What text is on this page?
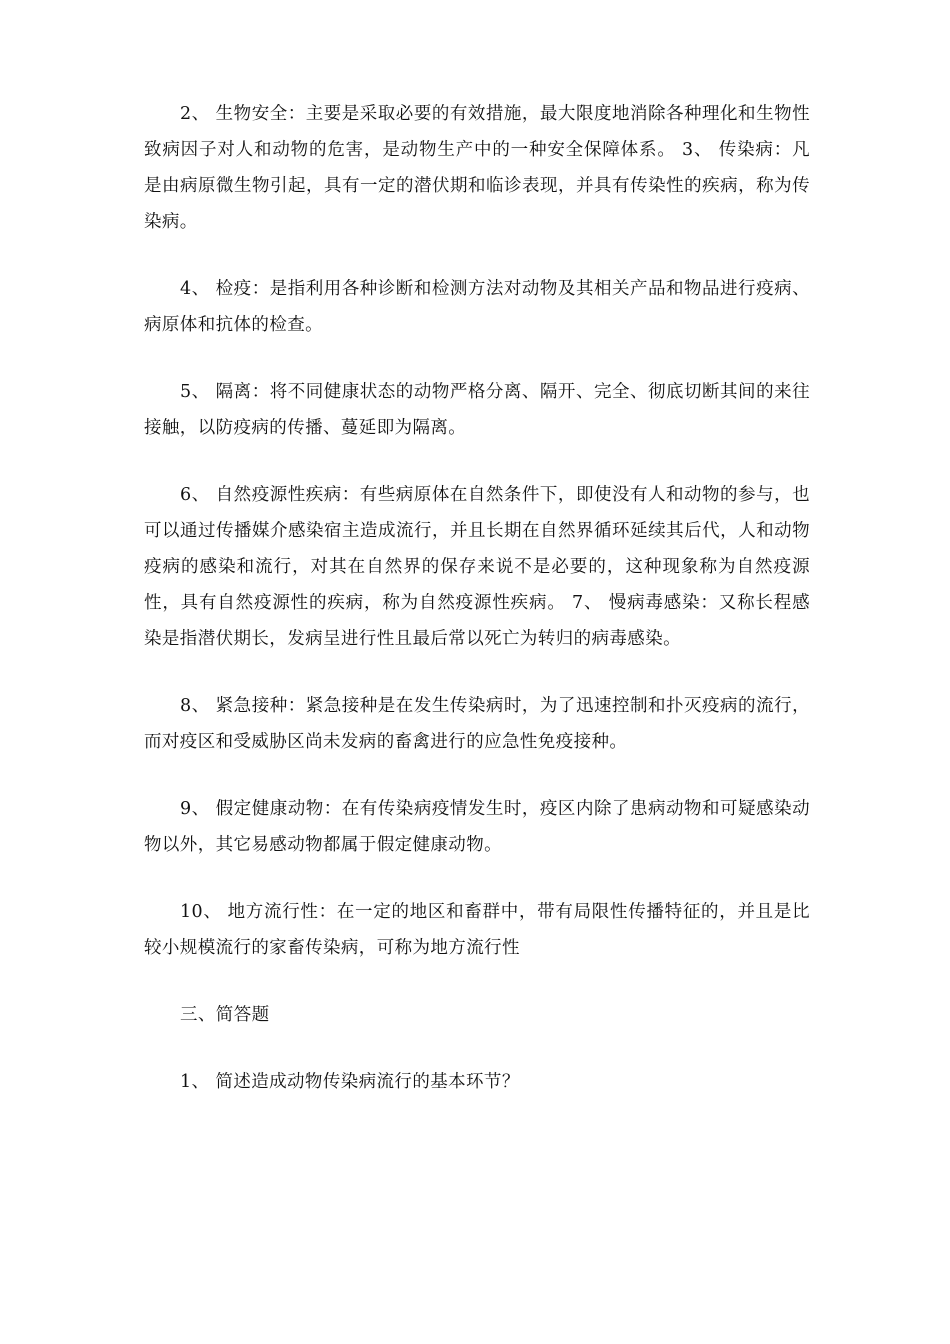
2、 生物安全：主要是采取必要的有效措施，最大限度地消除各种理化和生物性致病因子对人和动物的危害，是动物生产中的一种安全保障体系。 3、 传染病：凡是由病原微生物引起，具有一定的潜伏期和临诊表现，并具有传染性的疾病，称为传染病。

4、 检疫：是指利用各种诊断和检测方法对动物及其相关产品和物品进行疫病、病原体和抗体的检查。

5、 隔离：将不同健康状态的动物严格分离、隔开、完全、彻底切断其间的来往接触，以防疫病的传播、蔓延即为隔离。

6、 自然疫源性疾病：有些病原体在自然条件下，即使没有人和动物的参与，也可以通过传播媒介感染宿主造成流行，并且长期在自然界循环延续其后代，人和动物疫病的感染和流行，对其在自然界的保存来说不是必要的，这种现象称为自然疫源性，具有自然疫源性的疾病，称为自然疫源性疾病。 7、 慢病毒感染：又称长程感染是指潜伏期长，发病呈进行性且最后常以死亡为转归的病毒感染。

8、 紧急接种：紧急接种是在发生传染病时，为了迅速控制和扑灭疫病的流行，而对疫区和受威胁区尚未发病的畜禽进行的应急性免疫接种。

9、 假定健康动物：在有传染病疫情发生时，疫区内除了患病动物和可疑感染动物以外，其它易感动物都属于假定健康动物。

10、 地方流行性：在一定的地区和畜群中，带有局限性传播特征的，并且是比较小规模流行的家畜传染病，可称为地方流行性

三、简答题

1、 简述造成动物传染病流行的基本环节？
